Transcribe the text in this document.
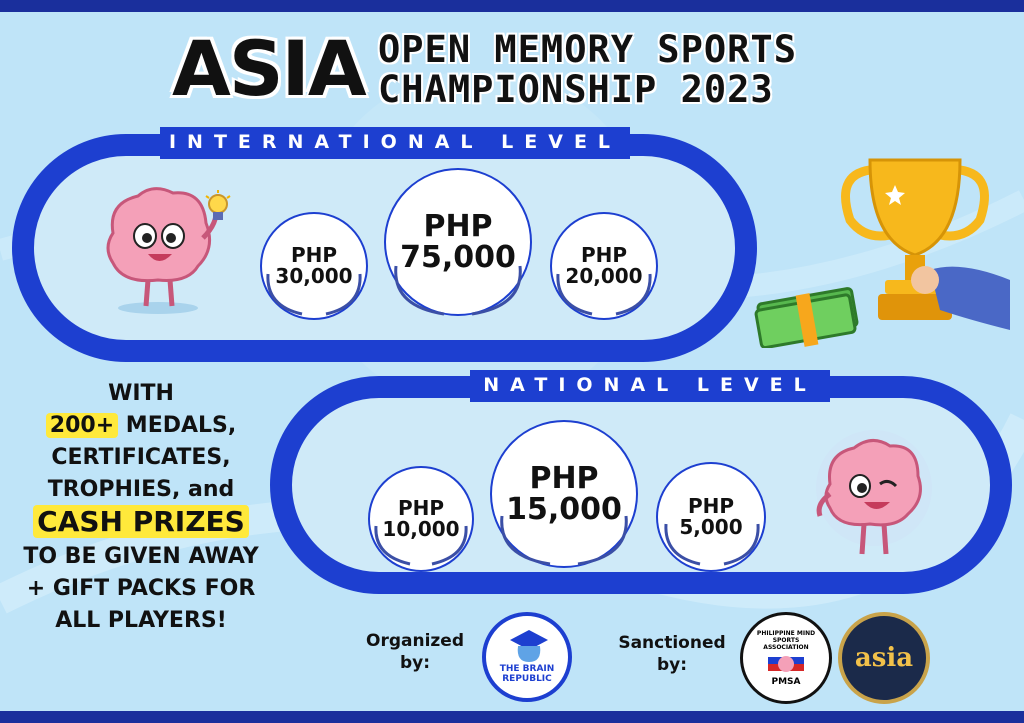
ASIA OPEN MEMORY SPORTS
CHAMPIONSHIP 2023
INTERNATIONAL LEVEL
PHP
30,000
PHP
75,000	PHP
20,000
NATIONAL LEVEL
PHP
10,000
PHP
15,000	PHP
5,000
WITH
200+ MEDALS,
CERTIFICATES,
TROPHIES, and
CASH PRIZES
TO BE GIVEN AWAY
+ GIFT PACKS FOR
ALL PLAYERS!
Organized by:	THE BRAIN REPUBLIC
Sanctioned by:
PHILIPPINE MIND SPORTS ASSOCIATION
PMSA
asia
